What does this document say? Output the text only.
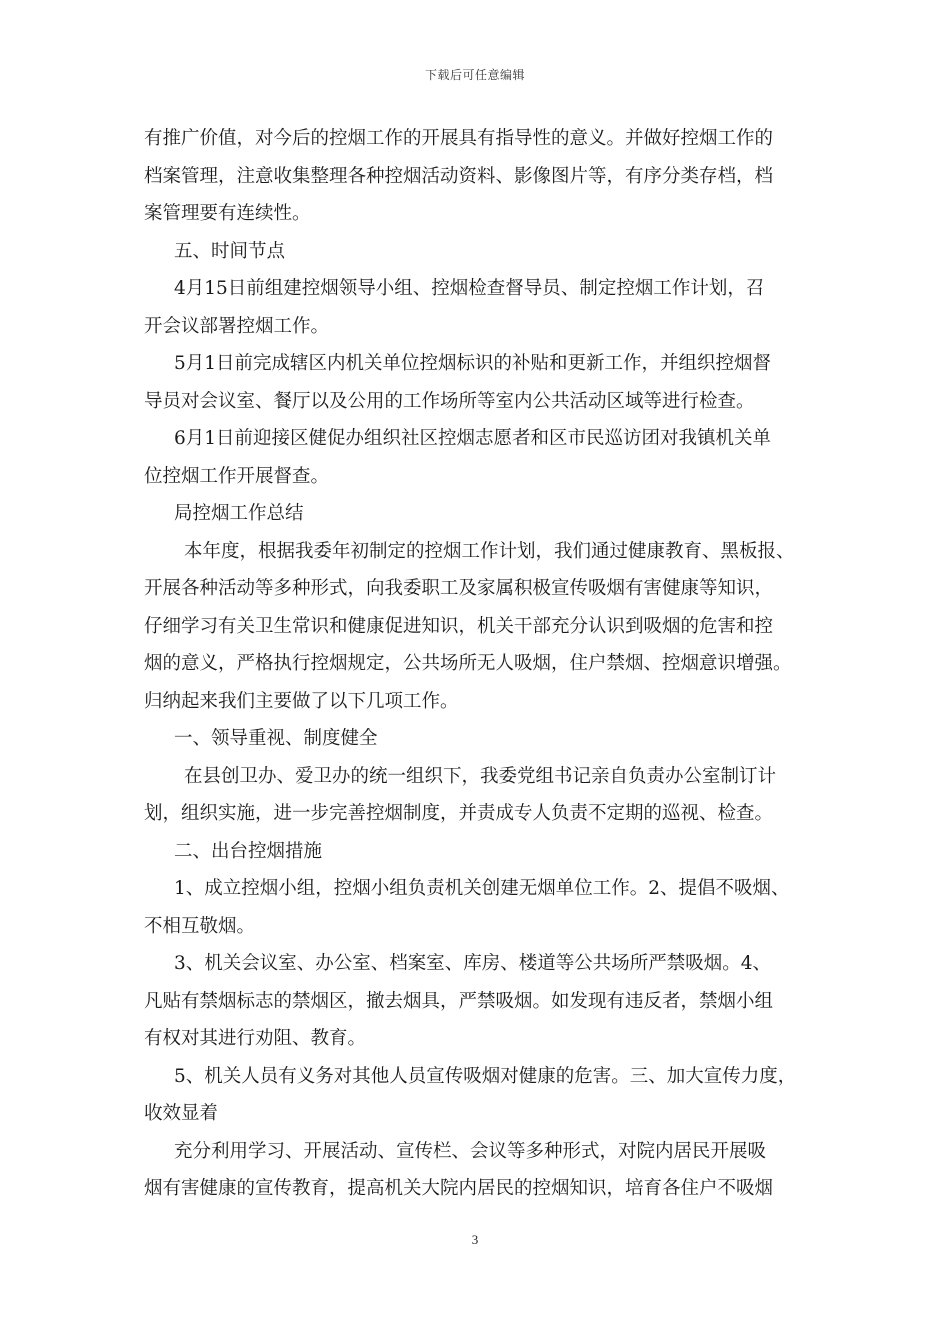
下载后可任意编辑
有推广价值，对今后的控烟工作的开展具有指导性的意义。并做好控烟工作的
档案管理，注意收集整理各种控烟活动资料、影像图片等，有序分类存档，档
案管理要有连续性。
五、时间节点
4月15日前组建控烟领导小组、控烟检查督导员、制定控烟工作计划，召
开会议部署控烟工作。
5月1日前完成辖区内机关单位控烟标识的补贴和更新工作，并组织控烟督
导员对会议室、餐厅以及公用的工作场所等室内公共活动区域等进行检查。
6月1日前迎接区健促办组织社区控烟志愿者和区市民巡访团对我镇机关单
位控烟工作开展督查。
局控烟工作总结
本年度，根据我委年初制定的控烟工作计划，我们通过健康教育、黑板报、
开展各种活动等多种形式，向我委职工及家属积极宣传吸烟有害健康等知识，
仔细学习有关卫生常识和健康促进知识，机关干部充分认识到吸烟的危害和控
烟的意义，严格执行控烟规定，公共场所无人吸烟，住户禁烟、控烟意识增强。
归纳起来我们主要做了以下几项工作。
一、领导重视、制度健全
在县创卫办、爱卫办的统一组织下，我委党组书记亲自负责办公室制订计
划，组织实施，进一步完善控烟制度，并责成专人负责不定期的巡视、检查。
二、出台控烟措施
1、成立控烟小组，控烟小组负责机关创建无烟单位工作。2、提倡不吸烟、
不相互敬烟。
3、机关会议室、办公室、档案室、库房、楼道等公共场所严禁吸烟。4、
凡贴有禁烟标志的禁烟区，撤去烟具，严禁吸烟。如发现有违反者，禁烟小组
有权对其进行劝阻、教育。
5、机关人员有义务对其他人员宣传吸烟对健康的危害。三、加大宣传力度，
收效显着
充分利用学习、开展活动、宣传栏、会议等多种形式，对院内居民开展吸
烟有害健康的宣传教育，提高机关大院内居民的控烟知识，培育各住户不吸烟
3
